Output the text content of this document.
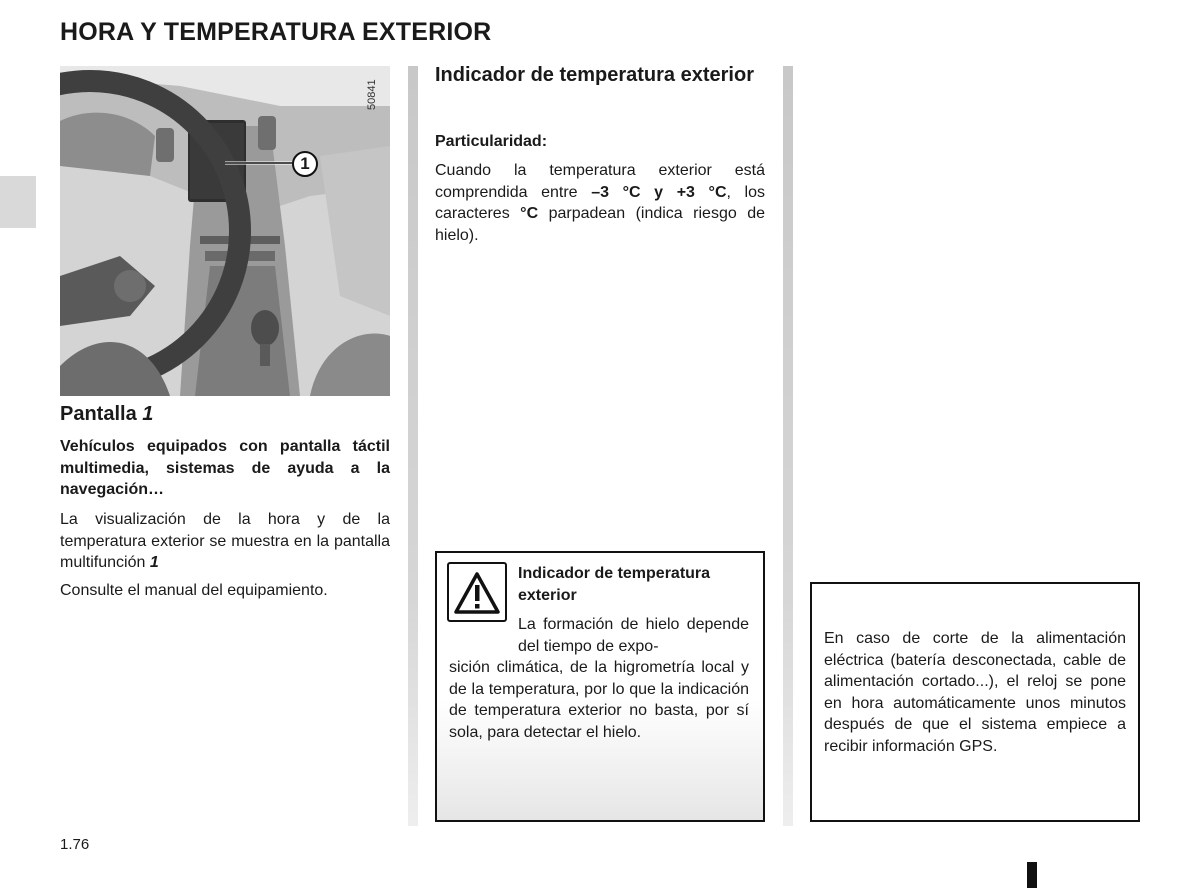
HORA Y TEMPERATURA EXTERIOR
50841
1
Pantalla 1
Vehículos equipados con pantalla táctil multimedia, sistemas de ayuda a la navegación…
La visualización de la hora y de la temperatura exterior se muestra en la pantalla multifunción 1
Consulte el manual del equipamiento.
Indicador de temperatura exterior
Particularidad:
Cuando la temperatura exterior está comprendida entre –3 °C y +3 °C, los caracteres °C parpadean (indica riesgo de hielo).
Indicador de temperatura exterior
La formación de hielo depende del tiempo de expo-
sición climática, de la higrometría local y de la temperatura, por lo que la indicación de temperatura exterior no basta, por sí sola, para detectar el hielo.
En caso de corte de la alimentación eléctrica (batería desconectada, cable de alimentación cortado...), el reloj se pone en hora automáticamente unos minutos después de que el sistema empiece a recibir información GPS.
1.76
